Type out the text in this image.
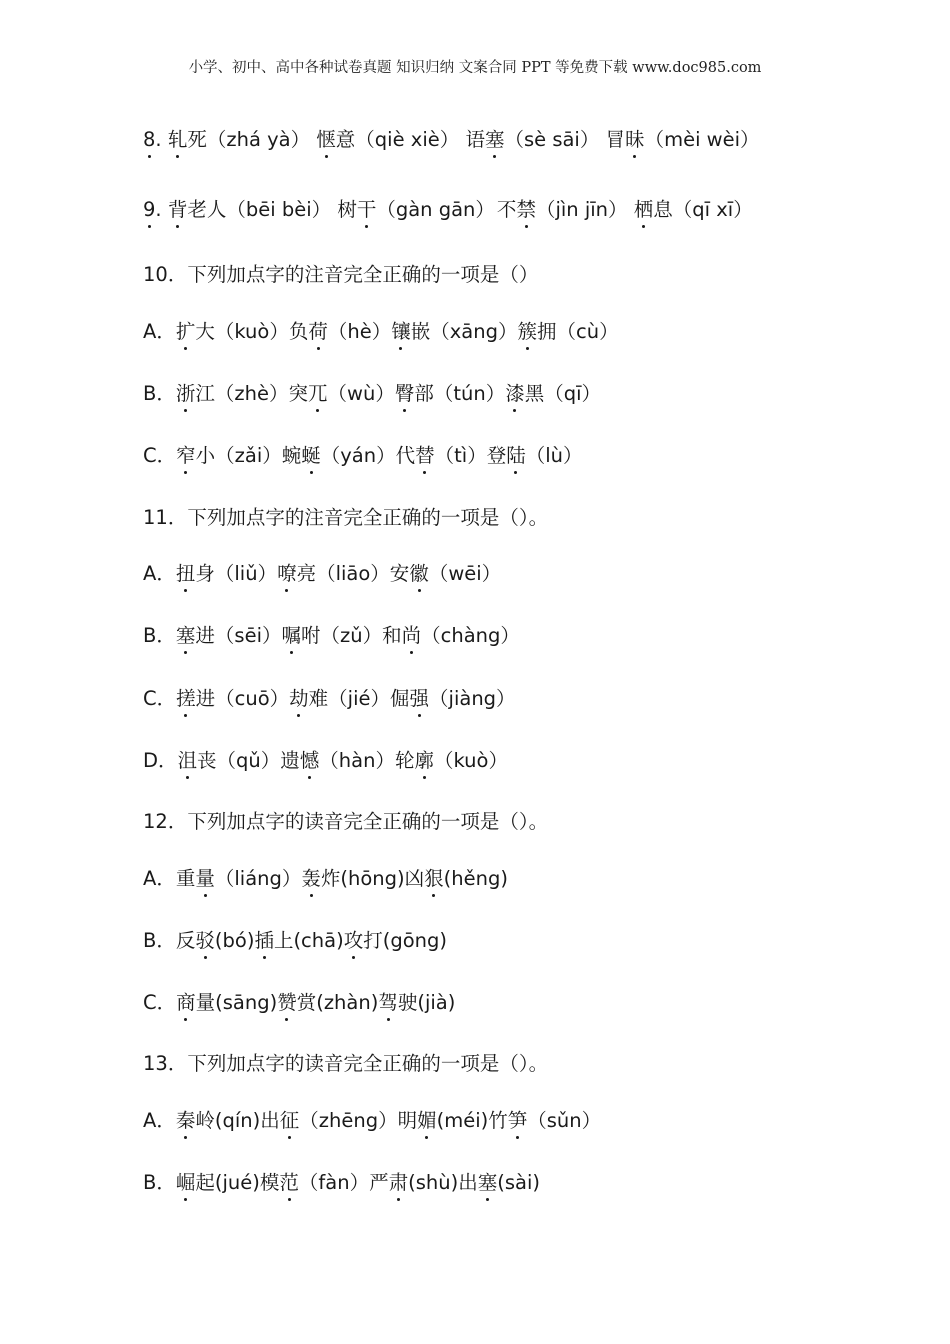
小学、初中、高中各种试卷真题 知识归纳 文案合同 PPT 等免费下载 www.doc985.com
8. 轧死（zhá yà） 惬意（qiè xiè） 语塞（sè sāi） 冒昧（mèi wèi）
9. 背老人（bēi bèi） 树干（gàn gān） 不禁（jìn jīn） 栖息（qī xī）
10．下列加点字的注音完全正确的一项是（）
A．扩大（kuò）负荷（hè）镶嵌（xāng）簇拥（cù）
B．浙江（zhè）突兀（wù）臀部（tún）漆黑（qī）
C．窄小（zǎi）蜿蜒（yán）代替（tì）登陆（lù）
11．下列加点字的注音完全正确的一项是（）。
A．扭身（liǔ）嘹亮（liāo）安徽（wēi）
B．塞进（sēi）嘱咐（zǔ）和尚（chàng）
C．搓进（cuō）劫难（jié）倔强（jiàng）
D．沮丧（qǔ）遗憾（hàn）轮廓（kuò）
12．下列加点字的读音完全正确的一项是（）。
A．重量（liáng）轰炸(hōng)凶狠(hěng)
B．反驳(bó)插上(chā)攻打(gōng)
C．商量(sāng)赞赏(zhàn)驾驶(jià)
13．下列加点字的读音完全正确的一项是（）。
A．秦岭(qín)出征（zhēng）明媚(méi)竹笋（sǔn）
B．崛起(jué)模范（fàn）严肃(shù)出塞(sài)
